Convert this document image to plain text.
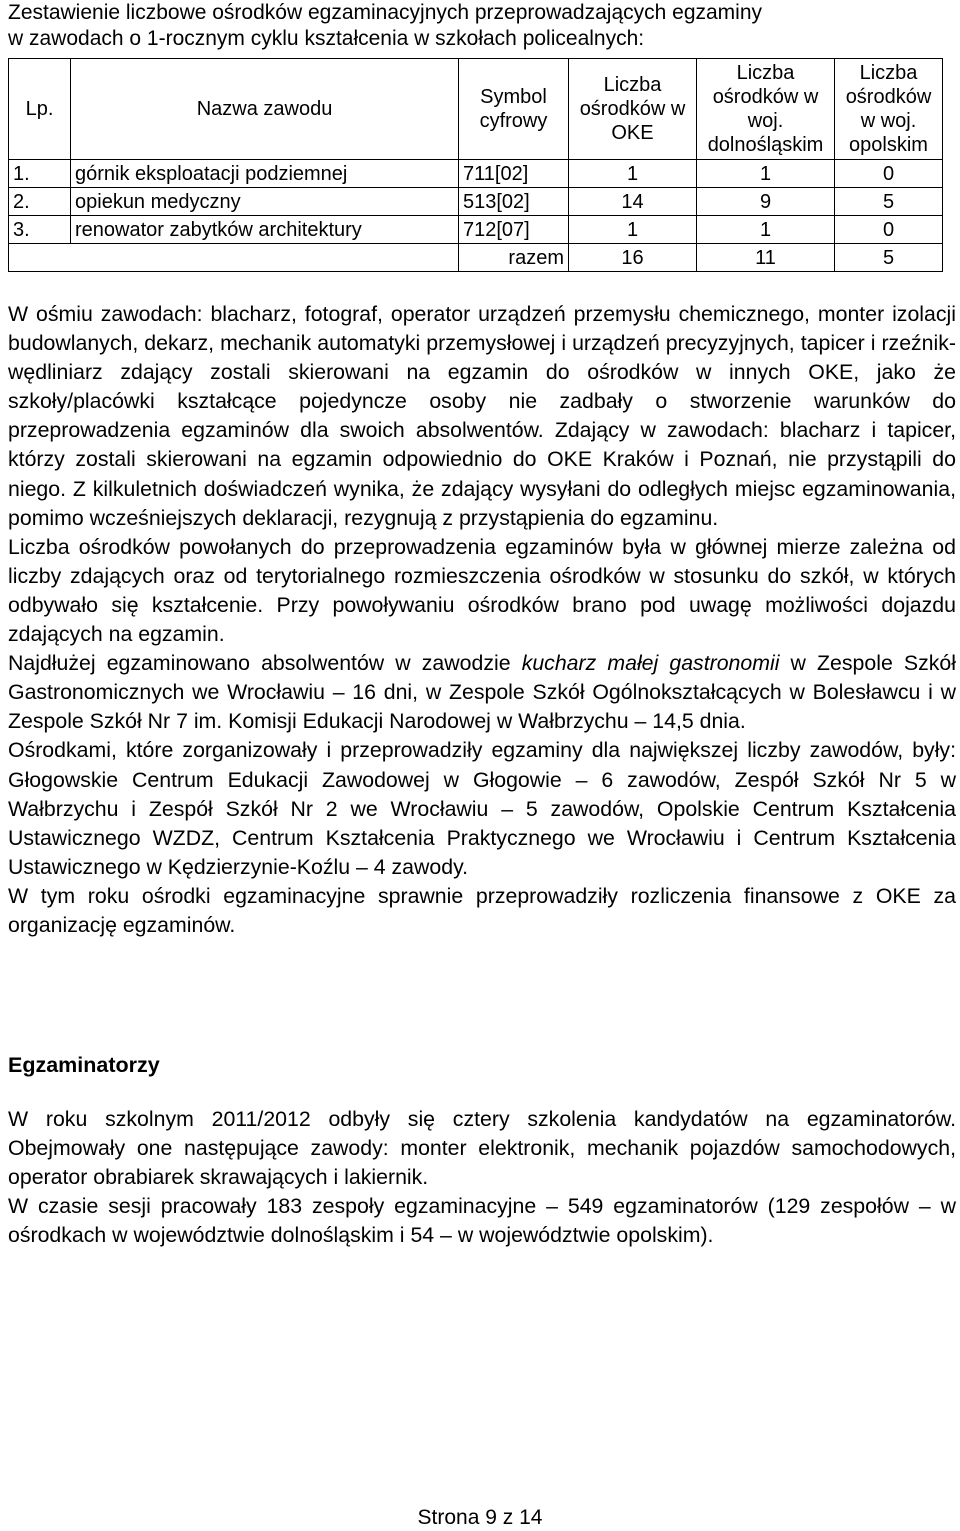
Zestawienie liczbowe ośrodków egzaminacyjnych przeprowadzających egzaminy
w zawodach o 1-rocznym cyklu kształcenia w szkołach policealnych:
Lp.	Nazwa zawodu	Symbol cyfrowy	Liczba ośrodków w OKE	Liczba ośrodków w woj. dolnośląskim	Liczba ośrodków w woj. opolskim
1.	górnik eksploatacji podziemnej	711[02]	1	1	0
2.	opiekun medyczny	513[02]	14	9	5
3.	renowator zabytków architektury	712[07]	1	1	0
		razem	16	11	5

W ośmiu zawodach: blacharz, fotograf, operator urządzeń przemysłu chemicznego, monter izolacji budowlanych, dekarz, mechanik automatyki przemysłowej i urządzeń precyzyjnych, tapicer i rzeźnik-wędliniarz zdający zostali skierowani na egzamin do ośrodków w innych OKE, jako że szkoły/placówki kształcące pojedyncze osoby nie zadbały o stworzenie warunków do przeprowadzenia egzaminów dla swoich absolwentów. Zdający w zawodach: blacharz i tapicer, którzy zostali skierowani na egzamin odpowiednio do OKE Kraków i Poznań, nie przystąpili do niego. Z kilkuletnich doświadczeń wynika, że zdający wysyłani do odległych miejsc egzaminowania, pomimo wcześniejszych deklaracji, rezygnują z przystąpienia do egzaminu.

Liczba ośrodków powołanych do przeprowadzenia egzaminów była w głównej mierze zależna od liczby zdających oraz od terytorialnego rozmieszczenia ośrodków w stosunku do szkół, w których odbywało się kształcenie. Przy powoływaniu ośrodków brano pod uwagę możliwości dojazdu zdających na egzamin.

Najdłużej egzaminowano absolwentów w zawodzie kucharz małej gastronomii w Zespole Szkół Gastronomicznych we Wrocławiu – 16 dni, w Zespole Szkół Ogólnokształcących w Bolesławcu i w Zespole Szkół Nr 7 im. Komisji Edukacji Narodowej w Wałbrzychu – 14,5 dnia.

Ośrodkami, które zorganizowały i przeprowadziły egzaminy dla największej liczby zawodów, były: Głogowskie Centrum Edukacji Zawodowej w Głogowie – 6 zawodów, Zespół Szkół Nr 5 w Wałbrzychu i Zespół Szkół Nr 2 we Wrocławiu – 5 zawodów, Opolskie Centrum Kształcenia Ustawicznego WZDZ, Centrum Kształcenia Praktycznego we Wrocławiu i Centrum Kształcenia Ustawicznego w Kędzierzynie-Koźlu – 4 zawody.

W tym roku ośrodki egzaminacyjne sprawnie przeprowadziły rozliczenia finansowe z OKE za organizację egzaminów.

Egzaminatorzy

W roku szkolnym 2011/2012 odbyły się cztery szkolenia kandydatów na egzaminatorów. Obejmowały one następujące zawody: monter elektronik, mechanik pojazdów samochodowych, operator obrabiarek skrawających i lakiernik.

W czasie sesji pracowały 183 zespoły egzaminacyjne – 549 egzaminatorów (129 zespołów – w ośrodkach w województwie dolnośląskim i 54 – w województwie opolskim).

Strona 9 z 14
